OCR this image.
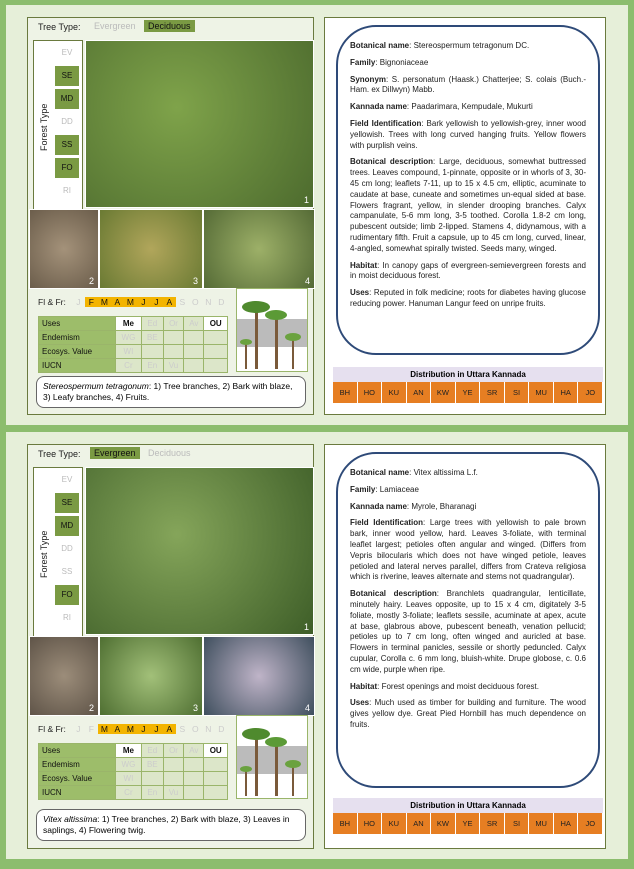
Tree Type:	Evergreen	Deciduous
Forest Type
EV
SE
MD
DD
SS
FO
RI
1
2	3	4
Fl & Fr: J F M A M J J A S O N D
Uses	Me	Ed	Or	Av	OU
Endemism	WG	BE			
Ecosys. Value	WI				
IUCN	Cr	En	Vu		
Stereospermum tetragonum: 1) Tree branches, 2) Bark with blaze, 3) Leafy branches, 4) Fruits.

Botanical name: Stereospermum tetragonum DC.

Family: Bignoniaceae

Synonym: S. personatum (Haask.) Chatterjee; S. colais (Buch.-Ham. ex Dillwyn) Mabb.

Kannada name: Paadarimara, Kempudale, Mukurti

Field Identification: Bark yellowish to yellowish-grey, inner wood yellowish. Trees with long curved hanging fruits. Yellow flowers with purplish veins.

Botanical description: Large, deciduous, somewhat buttressed trees. Leaves compound, 1-pinnate, opposite or in whorls of 3, 30-45 cm long; leaflets 7-11, up to 15 x 4.5 cm, elliptic, acuminate to caudate at base, cuneate and sometimes un-equal sided at base. Flowers fragrant, yellow, in slender drooping branches. Calyx campanulate, 5-6 mm long, 3-5 toothed. Corolla 1.8-2 cm long, pubescent outside; limb 2-lipped. Stamens 4, didynamous, with a rudimentary fifth. Fruit a capsule, up to 45 cm long, curved, linear, 4-angled, somewhat spirally twisted. Seeds many, winged.

Habitat: In canopy gaps of evergreen-semievergreen forests and in moist deciduous forest.

Uses: Reputed in folk medicine; roots for diabetes having glucose reducing power. Hanuman Langur feed on unripe fruits.

Distribution in Uttara Kannada
BH	HO	KU	AN	KW	YE	SR	SI	MU	HA	JO
Tree Type:	Evergreen	Deciduous
Forest Type
EV
SE
MD
DD
SS
FO
RI
1
2	3	4
Fl & Fr: J F M A M J J A S O N D
Uses	Me	Ed	Or	Av	OU
Endemism	WG	BE			
Ecosys. Value	WI				
IUCN	Cr	En	Vu		
Vitex altissima: 1) Tree branches, 2) Bark with blaze, 3) Leaves in saplings, 4) Flowering twig.

Botanical name: Vitex altissima L.f.

Family: Lamiaceae

Kannada name: Myrole, Bharanagi

Field Identification: Large trees with yellowish to pale brown bark, inner wood yellow, hard. Leaves 3-foliate, with terminal leaflet largest; petioles often angular and winged. (Differs from Vepris bilocularis which does not have winged petiole, leaves petioled and lateral nerves parallel, differs from Crateva religiosa which is riverine, leaves alternate and stems not quadrangular).

Botanical description: Branchlets quadrangular, lenticillate, minutely hairy. Leaves opposite, up to 15 x 4 cm, digitately 3-5 foliate, mostly 3-foliate; leaflets sessile, acuminate at apex, acute at base, glabrous above, pubescent beneath, venation pellucid; petioles up to 7 cm long, often winged and auricled at base. Flowers in terminal panicles, sessile or shortly peduncled. Calyx cupular, Corolla c. 6 mm long, bluish-white. Drupe globose, c. 0.6 cm wide, purple when ripe.

Habitat: Forest openings and moist deciduous forest.

Uses: Much used as timber for building and furniture. The wood gives yellow dye. Great Pied Hornbill has much dependence on fruits.

Distribution in Uttara Kannada
BH	HO	KU	AN	KW	YE	SR	SI	MU	HA	JO
